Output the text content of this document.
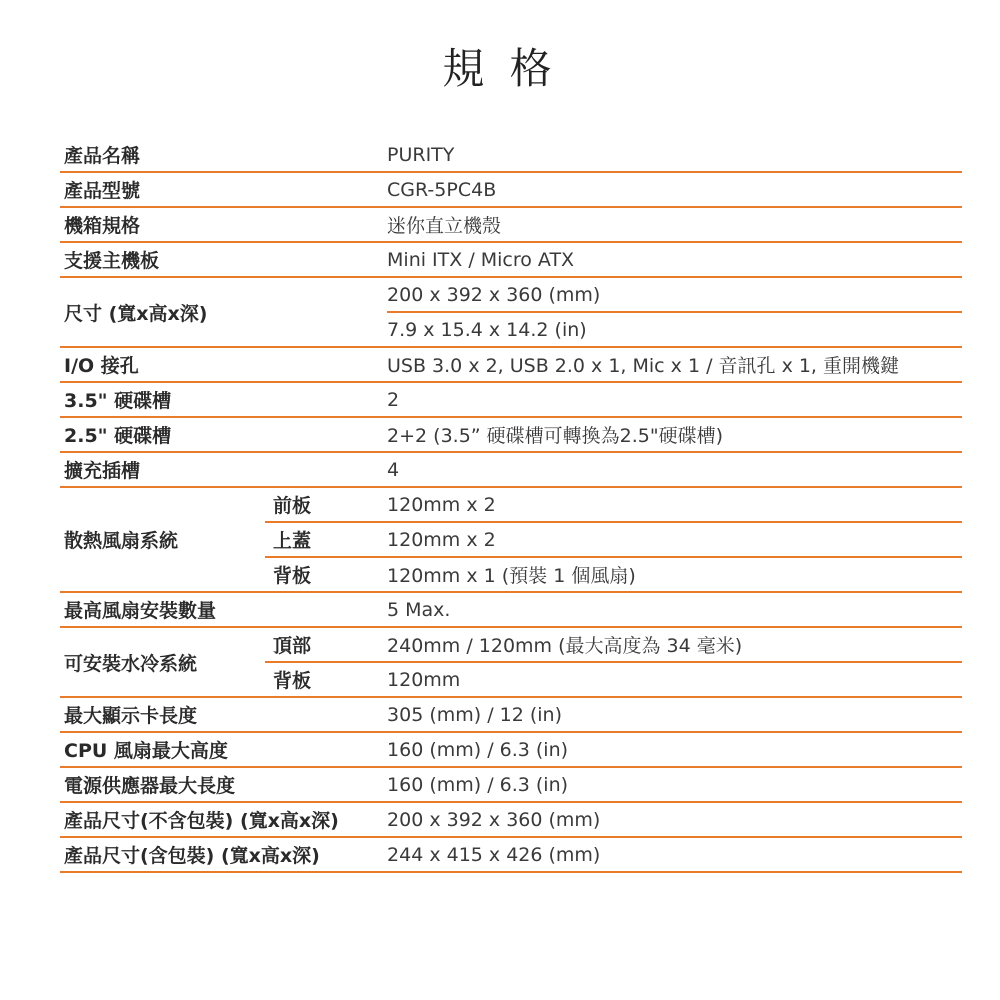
規 格
產品名稱		PURITY
產品型號		CGR-5PC4B
機箱規格		迷你直立機殼
支援主機板		Mini ITX / Micro ATX
尺寸 (寬x高x深)		200 x 392 x 360 (mm)
		7.9 x 15.4 x 14.2 (in)
I/O 接孔		USB 3.0 x 2, USB 2.0 x 1, Mic x 1 / 音訊孔 x 1, 重開機鍵
3.5" 硬碟槽		2
2.5" 硬碟槽		2+2 (3.5” 硬碟槽可轉換為2.5"硬碟槽)
擴充插槽		4
散熱風扇系統	前板	120mm x 2
	上蓋	120mm x 2
	背板	120mm x 1 (預裝 1 個風扇)
最高風扇安裝數量		5 Max.
可安裝水冷系統	頂部	240mm / 120mm (最大高度為 34 毫米)
	背板	120mm
最大顯示卡長度		305 (mm) / 12 (in)
CPU 風扇最大高度		160 (mm) / 6.3 (in)
電源供應器最大長度		160 (mm) / 6.3 (in)
產品尺寸(不含包裝) (寬x高x深)		200 x 392 x 360 (mm)
產品尺寸(含包裝) (寬x高x深)		244 x 415 x 426 (mm)
